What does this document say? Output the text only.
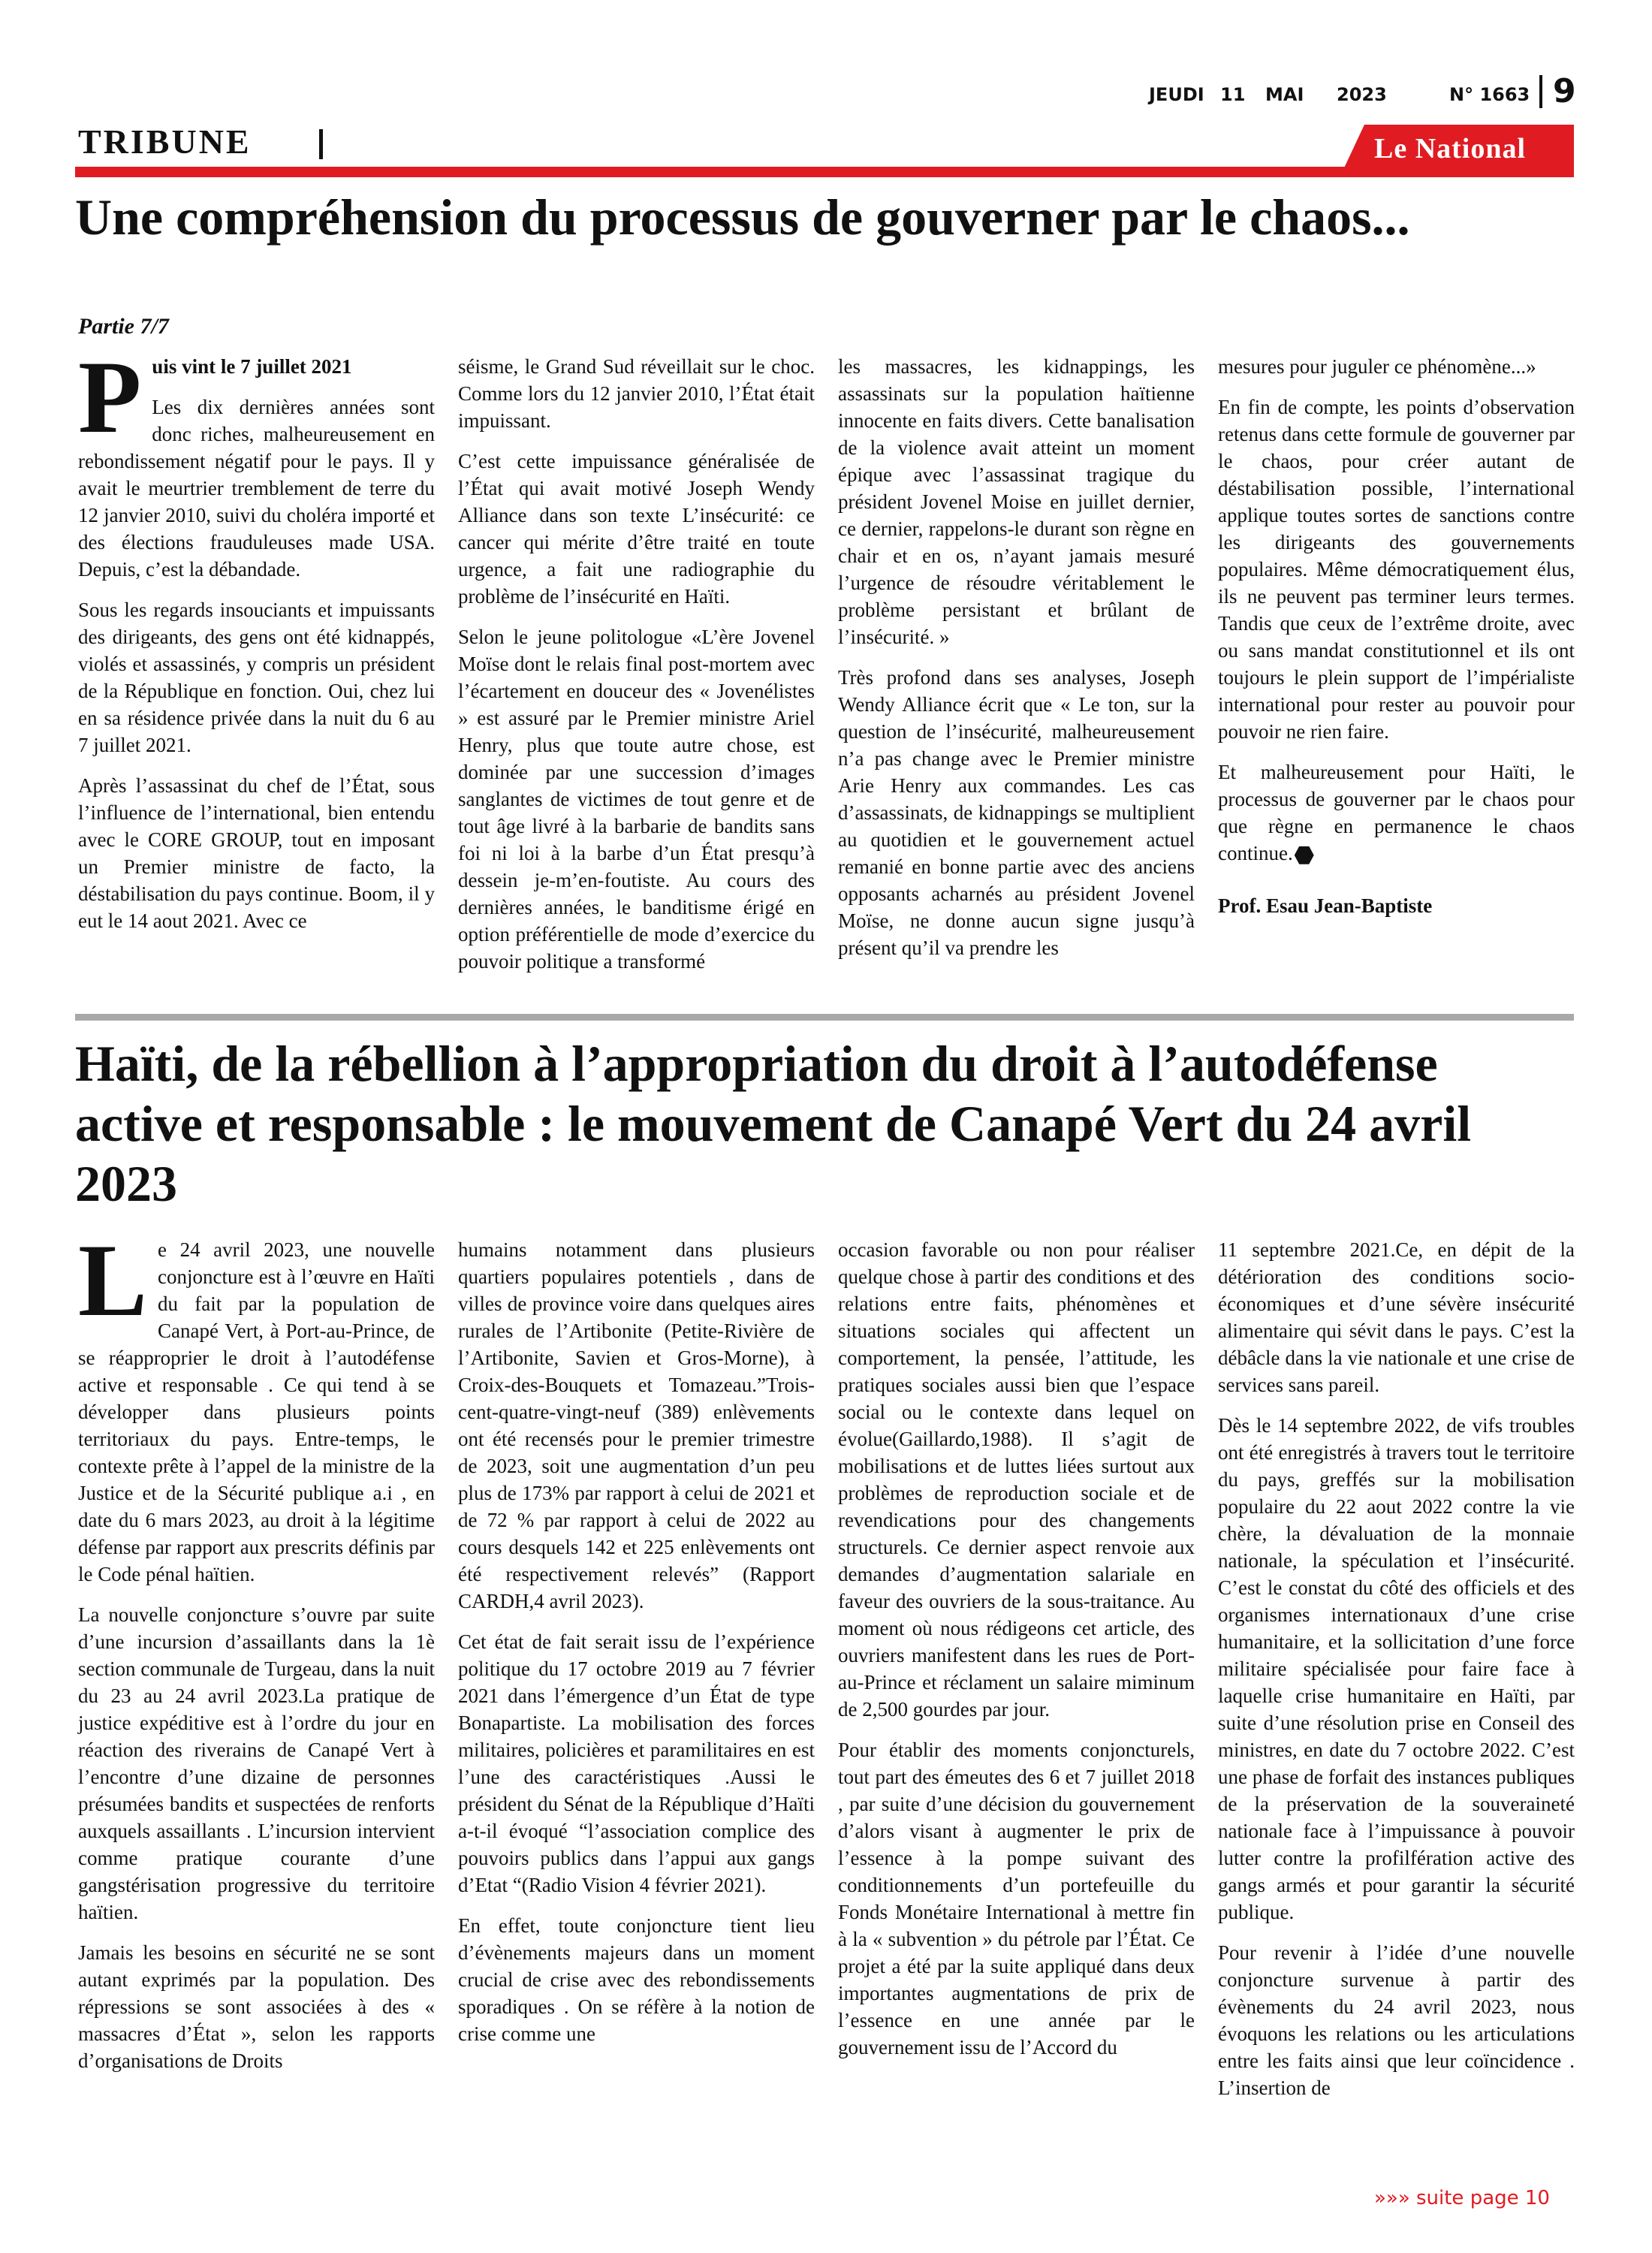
JEUDI 11 MAI 2023	N° 1663 9
TRIBUNE	Le National
Une compréhension du processus de gouverner par le chaos...
Partie 7/7

Puis vint le 7 juillet 2021

Les dix dernières années sont donc riches, malheureusement en rebondissement négatif pour le pays. Il y avait le meurtrier tremblement de terre du 12 janvier 2010, suivi du choléra importé et des élections frauduleuses made USA. Depuis, c’est la débandade.

Sous les regards insouciants et impuissants des dirigeants, des gens ont été kidnappés, violés et assassinés, y compris un président de la République en fonction. Oui, chez lui en sa résidence privée dans la nuit du 6 au 7 juillet 2021.

Après l’assassinat du chef de l’État, sous l’influence de l’international, bien entendu avec le CORE GROUP, tout en imposant un Premier ministre de facto, la déstabilisation du pays continue. Boom, il y eut le 14 aout 2021. Avec ce

séisme, le Grand Sud réveillait sur le choc. Comme lors du 12 janvier 2010, l’État était impuissant.

C’est cette impuissance généralisée de l’État qui avait motivé Joseph Wendy Alliance dans son texte L’insécurité: ce cancer qui mérite d’être traité en toute urgence, a fait une radiographie du problème de l’insécurité en Haïti.

Selon le jeune politologue «L’ère Jovenel Moïse dont le relais final post-mortem avec l’écartement en douceur des « Jovenélistes » est assuré par le Premier ministre Ariel Henry, plus que toute autre chose, est dominée par une succession d’images sanglantes de victimes de tout genre et de tout âge livré à la barbarie de bandits sans foi ni loi à la barbe d’un État presqu’à dessein je-m’en-foutiste. Au cours des dernières années, le banditisme érigé en option préférentielle de mode d’exercice du pouvoir politique a transformé

les massacres, les kidnappings, les assassinats sur la population haïtienne innocente en faits divers. Cette banalisation de la violence avait atteint un moment épique avec l’assassinat tragique du président Jovenel Moise en juillet dernier, ce dernier, rappelons-le durant son règne en chair et en os, n’ayant jamais mesuré l’urgence de résoudre véritablement le problème persistant et brûlant de l’insécurité. »

Très profond dans ses analyses, Joseph Wendy Alliance écrit que « Le ton, sur la question de l’insécurité, malheureusement n’a pas change avec le Premier ministre Arie Henry aux commandes. Les cas d’assassinats, de kidnappings se multiplient au quotidien et le gouvernement actuel remanié en bonne partie avec des anciens opposants acharnés au président Jovenel Moïse, ne donne aucun signe jusqu’à présent qu’il va prendre les

mesures pour juguler ce phénomène...»

En fin de compte, les points d’observation retenus dans cette formule de gouverner par le chaos, pour créer autant de déstabilisation possible, l’international applique toutes sortes de sanctions contre les dirigeants des gouvernements populaires. Même démocratiquement élus, ils ne peuvent pas terminer leurs termes. Tandis que ceux de l’extrême droite, avec ou sans mandat constitutionnel et ils ont toujours le plein support de l’impérialiste international pour rester au pouvoir pour pouvoir ne rien faire.

Et malheureusement pour Haïti, le processus de gouverner par le chaos pour que règne en permanence le chaos continue.

Prof. Esau Jean-Baptiste

Haïti, de la rébellion à l’appropriation du droit à l’autodéfense active et responsable : le mouvement de Canapé Vert du 24 avril 2023

Le 24 avril 2023, une nouvelle conjoncture est à l’œuvre en Haïti du fait par la population de Canapé Vert, à Port-au-Prince, de se réapproprier le droit à l’autodéfense active et responsable . Ce qui tend à se développer dans plusieurs points territoriaux du pays. Entre-temps, le contexte prête à l’appel de la ministre de la Justice et de la Sécurité publique a.i , en date du 6 mars 2023, au droit à la légitime défense par rapport aux prescrits définis par le Code pénal haïtien.

La nouvelle conjoncture s’ouvre par suite d’une incursion d’assaillants dans la 1è section communale de Turgeau, dans la nuit du 23 au 24 avril 2023.La pratique de justice expéditive est à l’ordre du jour en réaction des riverains de Canapé Vert à l’encontre d’une dizaine de personnes présumées bandits et suspectées de renforts auxquels assaillants . L’incursion intervient comme pratique courante d’une gangstérisation progressive du territoire haïtien.

Jamais les besoins en sécurité ne se sont autant exprimés par la population. Des répressions se sont associées à des « massacres d’État », selon les rapports d’organisations de Droits

humains notamment dans plusieurs quartiers populaires potentiels , dans de villes de province voire dans quelques aires rurales de l’Artibonite (Petite-Rivière de l’Artibonite, Savien et Gros-Morne), à Croix-des-Bouquets et Tomazeau.”Trois-cent-quatre-vingt-neuf (389) enlèvements ont été recensés pour le premier trimestre de 2023, soit une augmentation d’un peu plus de 173% par rapport à celui de 2021 et de 72 % par rapport à celui de 2022 au cours desquels 142 et 225 enlèvements ont été respectivement relevés” (Rapport CARDH,4 avril 2023).

Cet état de fait serait issu de l’expérience politique du 17 octobre 2019 au 7 février 2021 dans l’émergence d’un État de type Bonapartiste. La mobilisation des forces militaires, policières et paramilitaires en est l’une des caractéristiques .Aussi le président du Sénat de la République d’Haïti a-t-il évoqué “l’association complice des pouvoirs publics dans l’appui aux gangs d’Etat “(Radio Vision 4 février 2021).

En effet, toute conjoncture tient lieu d’évènements majeurs dans un moment crucial de crise avec des rebondissements sporadiques . On se réfère à la notion de crise comme une

occasion favorable ou non pour réaliser quelque chose à partir des conditions et des relations entre faits, phénomènes et situations sociales qui affectent un comportement, la pensée, l’attitude, les pratiques sociales aussi bien que l’espace social ou le contexte dans lequel on évolue(Gaillardo,1988). Il s’agit de mobilisations et de luttes liées surtout aux problèmes de reproduction sociale et de revendications pour des changements structurels. Ce dernier aspect renvoie aux demandes d’augmentation salariale en faveur des ouvriers de la sous-traitance. Au moment où nous rédigeons cet article, des ouvriers manifestent dans les rues de Port-au-Prince et réclament un salaire miminum de 2,500 gourdes par jour.

Pour établir des moments conjoncturels, tout part des émeutes des 6 et 7 juillet 2018 , par suite d’une décision du gouvernement d’alors visant à augmenter le prix de l’essence à la pompe suivant des conditionnements d’un portefeuille du Fonds Monétaire International à mettre fin à la « subvention » du pétrole par l’État. Ce projet a été par la suite appliqué dans deux importantes augmentations de prix de l’essence en une année par le gouvernement issu de l’Accord du

11 septembre 2021.Ce, en dépit de la détérioration des conditions socio-économiques et d’une sévère insécurité alimentaire qui sévit dans le pays. C’est la débâcle dans la vie nationale et une crise de services sans pareil.

Dès le 14 septembre 2022, de vifs troubles ont été enregistrés à travers tout le territoire du pays, greffés sur la mobilisation populaire du 22 aout 2022 contre la vie chère, la dévaluation de la monnaie nationale, la spéculation et l’insécurité. C’est le constat du côté des officiels et des organismes internationaux d’une crise humanitaire, et la sollicitation d’une force militaire spécialisée pour faire face à laquelle crise humanitaire en Haïti, par suite d’une résolution prise en Conseil des ministres, en date du 7 octobre 2022. C’est une phase de forfait des instances publiques de la préservation de la souveraineté nationale face à l’impuissance à pouvoir lutter contre la profilfération active des gangs armés et pour garantir la sécurité publique.

Pour revenir à l’idée d’une nouvelle conjoncture survenue à partir des évènements du 24 avril 2023, nous évoquons les relations ou les articulations entre les faits ainsi que leur coïncidence . L’insertion de

»»» suite page 10
